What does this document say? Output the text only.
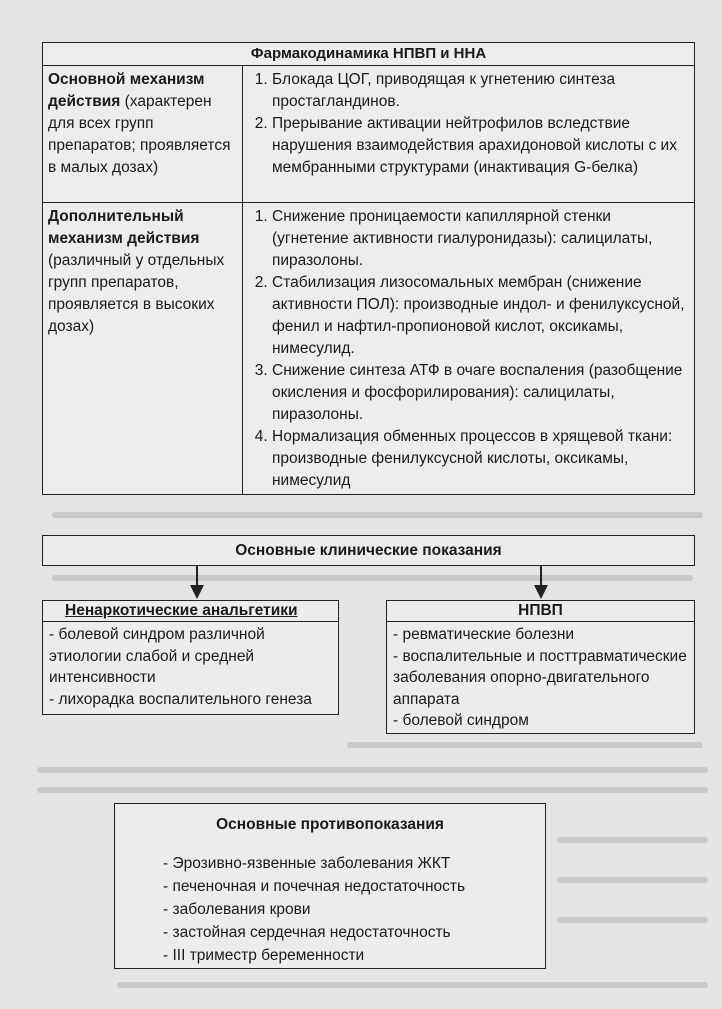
Фармакодинамика НПВП и ННА
Основной механизм действия (характерен для всех групп препаратов; проявляется в малых дозах)
1. Блокада ЦОГ, приводящая к угнетению синтеза простагландинов.
2. Прерывание активации нейтрофилов вследствие нарушения взаимодействия арахидоновой кислоты с их мембранными структурами (инактивация G-белка)
Дополнительный механизм действия (различный у отдельных групп препаратов, проявляется в высоких дозах)
1. Снижение проницаемости капиллярной стенки (угнетение активности гиалуронидазы): салицилаты, пиразолоны.
2. Стабилизация лизосомальных мембран (снижение активности ПОЛ): производные индол- и фенилуксусной, фенил и нафтил-пропионовой кислот, оксикамы, нимесулид.
3. Снижение синтеза АТФ в очаге воспаления (разобщение окисления и фосфорилирования): салицилаты, пиразолоны.
4. Нормализация обменных процессов в хрящевой ткани: производные фенилуксусной кислоты, оксикамы, нимесулид
Основные клинические показания
Ненаркотические анальгетики
- болевой синдром различной этиологии слабой и средней интенсивности
- лихорадка воспалительного генеза
НПВП
- ревматические болезни
- воспалительные и посттравматические заболевания опорно-двигательного аппарата
- болевой синдром
Основные противопоказания
- Эрозивно-язвенные заболевания ЖКТ
- печеночная и почечная недостаточность
- заболевания крови
- застойная сердечная недостаточность
- III триместр беременности
